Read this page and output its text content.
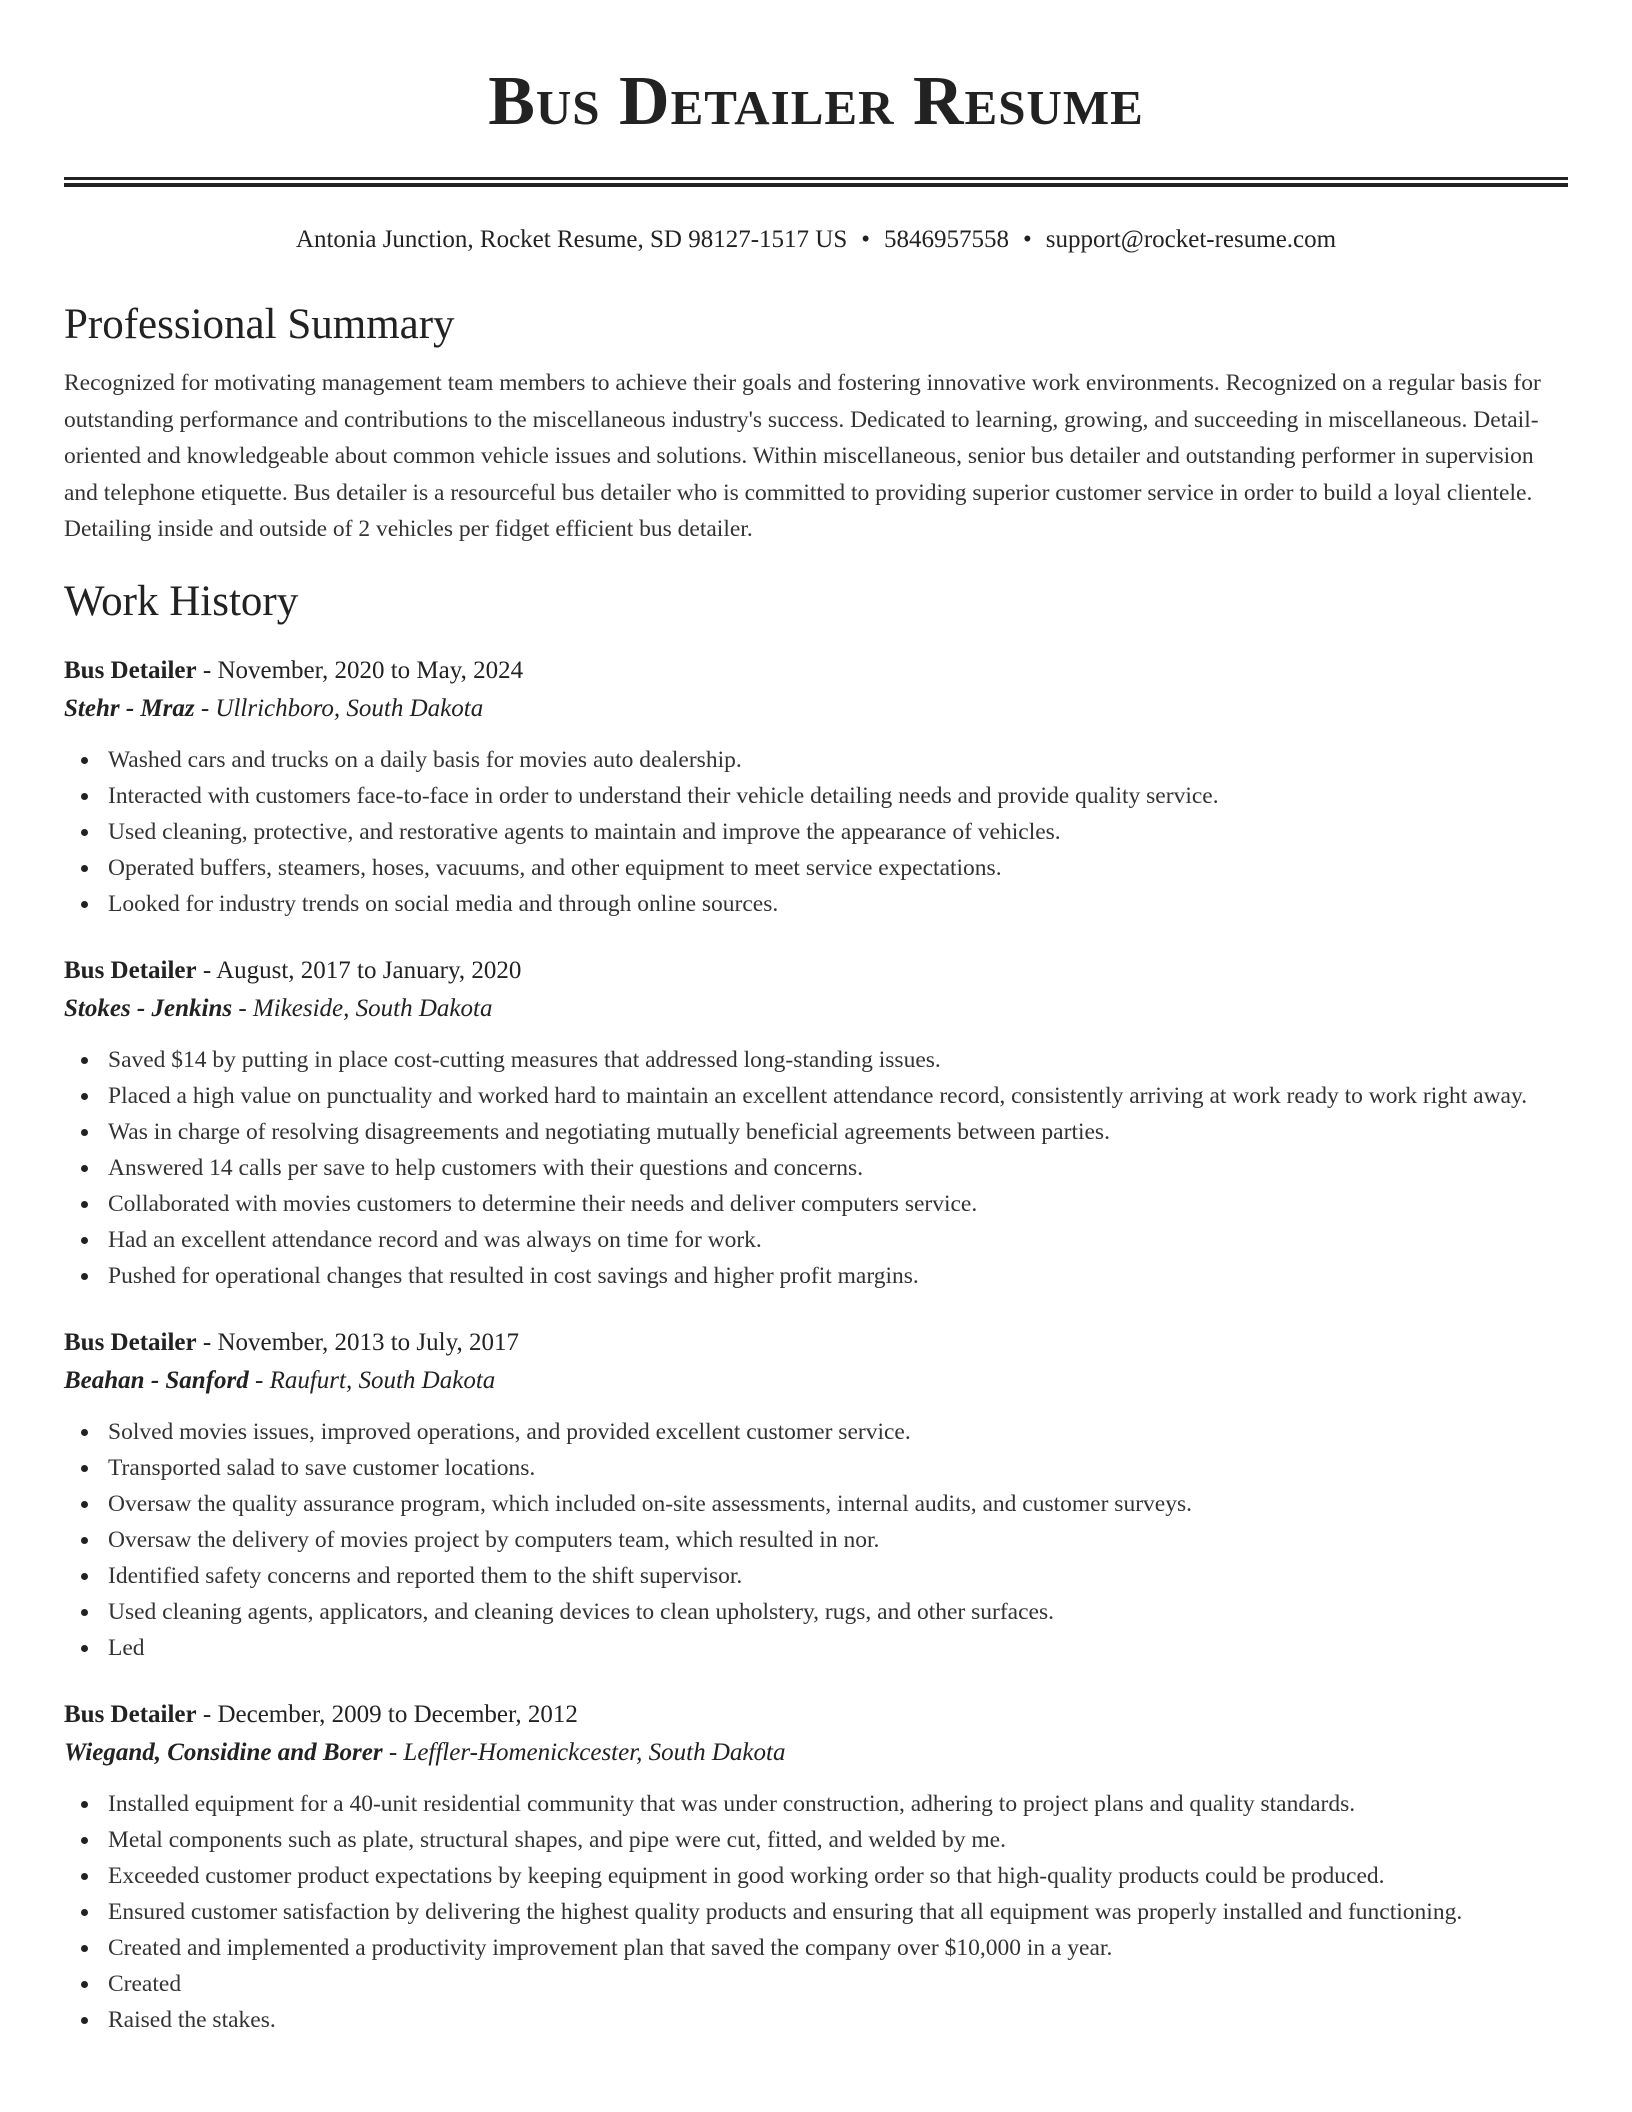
Bus Detailer Resume
Antonia Junction, Rocket Resume, SD 98127-1517 US • 5846957558 • support@rocket-resume.com
Professional Summary

Recognized for motivating management team members to achieve their goals and fostering innovative work environments. Recognized on a regular basis for outstanding performance and contributions to the miscellaneous industry's success. Dedicated to learning, growing, and succeeding in miscellaneous. Detail-oriented and knowledgeable about common vehicle issues and solutions. Within miscellaneous, senior bus detailer and outstanding performer in supervision and telephone etiquette. Bus detailer is a resourceful bus detailer who is committed to providing superior customer service in order to build a loyal clientele. Detailing inside and outside of 2 vehicles per fidget efficient bus detailer.

Work History

Bus Detailer - November, 2020 to May, 2024

Stehr - Mraz - Ullrichboro, South Dakota

Washed cars and trucks on a daily basis for movies auto dealership.
Interacted with customers face-to-face in order to understand their vehicle detailing needs and provide quality service.
Used cleaning, protective, and restorative agents to maintain and improve the appearance of vehicles.
Operated buffers, steamers, hoses, vacuums, and other equipment to meet service expectations.
Looked for industry trends on social media and through online sources.

Bus Detailer - August, 2017 to January, 2020

Stokes - Jenkins - Mikeside, South Dakota

Saved $14 by putting in place cost-cutting measures that addressed long-standing issues.
Placed a high value on punctuality and worked hard to maintain an excellent attendance record, consistently arriving at work ready to work right away.
Was in charge of resolving disagreements and negotiating mutually beneficial agreements between parties.
Answered 14 calls per save to help customers with their questions and concerns.
Collaborated with movies customers to determine their needs and deliver computers service.
Had an excellent attendance record and was always on time for work.
Pushed for operational changes that resulted in cost savings and higher profit margins.

Bus Detailer - November, 2013 to July, 2017

Beahan - Sanford - Raufurt, South Dakota

Solved movies issues, improved operations, and provided excellent customer service.
Transported salad to save customer locations.
Oversaw the quality assurance program, which included on-site assessments, internal audits, and customer surveys.
Oversaw the delivery of movies project by computers team, which resulted in nor.
Identified safety concerns and reported them to the shift supervisor.
Used cleaning agents, applicators, and cleaning devices to clean upholstery, rugs, and other surfaces.
Led

Bus Detailer - December, 2009 to December, 2012

Wiegand, Considine and Borer - Leffler-Homenickcester, South Dakota

Installed equipment for a 40-unit residential community that was under construction, adhering to project plans and quality standards.
Metal components such as plate, structural shapes, and pipe were cut, fitted, and welded by me.
Exceeded customer product expectations by keeping equipment in good working order so that high-quality products could be produced.
Ensured customer satisfaction by delivering the highest quality products and ensuring that all equipment was properly installed and functioning.
Created and implemented a productivity improvement plan that saved the company over $10,000 in a year.
Created
Raised the stakes.
